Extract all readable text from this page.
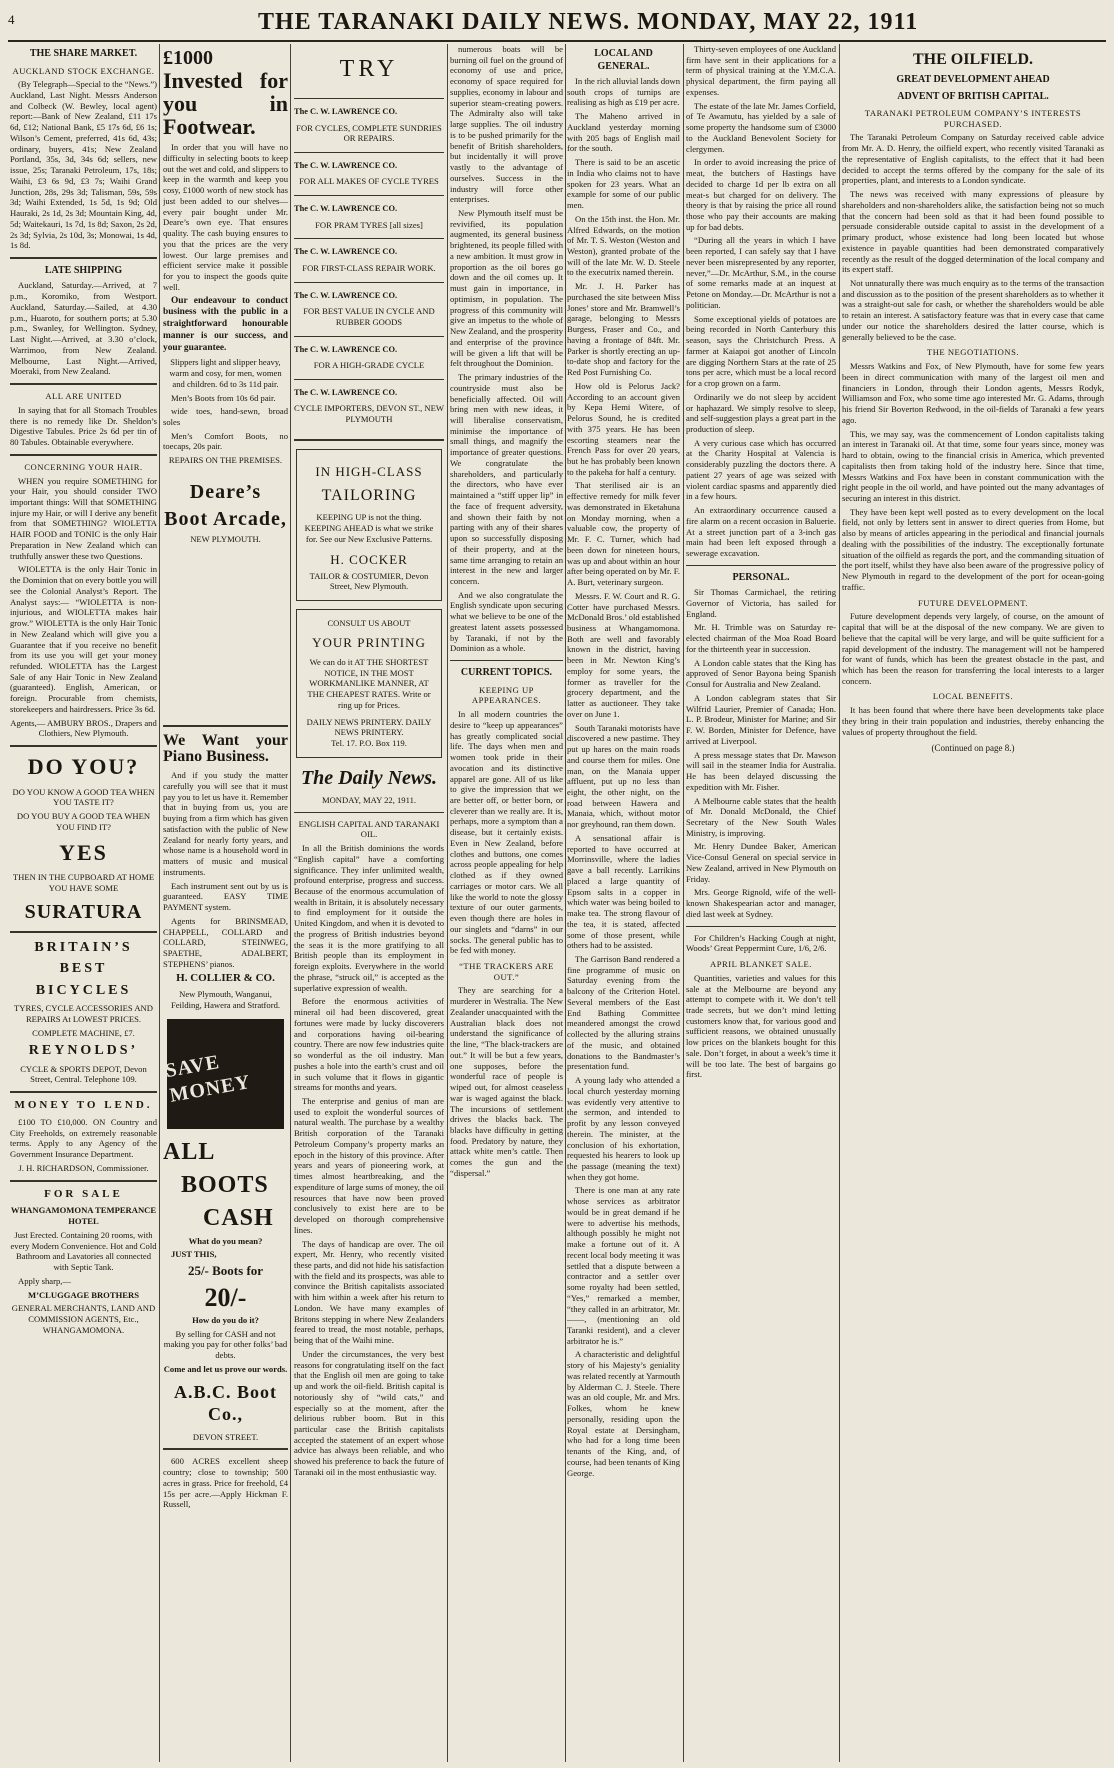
4	THE TARANAKI DAILY NEWS. MONDAY, MAY 22, 1911
THE SHARE MARKET.
AUCKLAND STOCK EXCHANGE.

(By Telegraph—Special to the “News.”) Auckland, Last Night. Messrs Anderson and Colbeck (W. Bewley, local agent) report:—Bank of New Zealand, £11 17s 6d, £12; National Bank, £5 17s 6d, £6 1s; Wilson’s Cement, preferred, 41s 6d, 43s; ordinary, buyers, 41s; New Zealand Portland, 35s, 3d, 34s 6d; sellers, new issue, 25s; Taranaki Petroleum, 17s, 18s; Waihi, £3 6s 9d, £3 7s; Waihi Grand Junction, 28s, 29s 3d; Talisman, 59s, 59s 3d; Waihi Extended, 1s 5d, 1s 9d; Old Hauraki, 2s 1d, 2s 3d; Mountain King, 4d, 5d; Waitekauri, 1s 7d, 1s 8d; Saxon, 2s 2d, 2s 3d; Sylvia, 2s 10d, 3s; Monowai, 1s 4d, 1s 8d.

LATE SHIPPING

Auckland, Saturday.—Arrived, at 7 p.m., Koromiko, from Westport. Auckland, Saturday.—Sailed, at 4.30 p.m., Huaroto, for southern ports; at 5.30 p.m., Swanley, for Wellington. Sydney, Last Night.—Arrived, at 3.30 o’clock, Warrimoo, from New Zealand. Melbourne, Last Night.—Arrived, Moeraki, from New Zealand.

ALL ARE UNITED

In saying that for all Stomach Troubles there is no remedy like Dr. Sheldon’s Digestive Tabules. Price 2s 6d per tin of 80 Tabules. Obtainable everywhere.

CONCERNING YOUR HAIR.

WHEN you require SOMETHING for your Hair, you should consider TWO important things: Will that SOMETHING injure my Hair, or will I derive any benefit from that SOMETHING? WIOLETTA HAIR FOOD and TONIC is the only Hair Preparation in New Zealand which can truthfully answer these two Questions.

WIOLETTA is the only Hair Tonic in the Dominion that on every bottle you will see the Colonial Analyst’s Report. The Analyst says:— “WIOLETTA is non-injurious, and WIOLETTA makes hair grow.” WIOLETTA is the only Hair Tonic in New Zealand which will give you a Guarantee that if you receive no benefit from its use you will get your money refunded. WIOLETTA has the Largest Sale of any Hair Tonic in New Zealand (guaranteed). English, American, or foreign. Procurable from chemists, storekeepers and hairdressers. Price 3s 6d.

Agents,— AMBURY BROS., Drapers and Clothiers, New Plymouth.

DO YOU?

DO YOU KNOW A GOOD TEA WHEN YOU TASTE IT?

DO YOU BUY A GOOD TEA WHEN YOU FIND IT?

YES

THEN IN THE CUPBOARD AT HOME YOU HAVE SOME

SURATURA
BRITAIN’S
BEST
BICYCLES

TYRES, CYCLE ACCESSORIES AND REPAIRS At LOWEST PRICES.

COMPLETE MACHINE, £7.

REYNOLDS’

CYCLE & SPORTS DEPOT, Devon Street, Central. Telephone 109.

MONEY TO LEND.

£100 TO £10,000. ON Country and City Freeholds, on extremely reasonable terms. Apply to any Agency of the Government Insurance Department.

J. H. RICHARDSON, Commissioner.

FOR SALE

WHANGAMOMONA TEMPERANCE HOTEL

Just Erected. Containing 20 rooms, with every Modern Convenience. Hot and Cold Bathroom and Lavatories all connected with Septic Tank.

Apply sharp,—

M’CLUGGAGE BROTHERS

GENERAL MERCHANTS, LAND AND COMMISSION AGENTS, Etc., WHANGAMOMONA.

£1000
Invested for you in Footwear.

In order that you will have no difficulty in selecting boots to keep out the wet and cold, and slippers to keep in the warmth and keep you cosy, £1000 worth of new stock has just been added to our shelves—every pair bought under Mr. Deare’s own eye. That ensures quality. The cash buying ensures to you that the prices are the very lowest. Our large premises and efficient service make it possible for you to inspect the goods quite well.

Our endeavour to conduct business with the public in a straightforward honourable manner is our success, and your guarantee.

Slippers light and slipper heavy, warm and cosy, for men, women and children. 6d to 3s 11d pair.

Men’s Boots from 10s 6d pair.

wide toes, hand-sewn, broad soles

Men’s Comfort Boots, no toecaps, 20s pair.

REPAIRS ON THE PREMISES.

Deare’s
Boot Arcade,

NEW PLYMOUTH.

We Want your Piano Business.

And if you study the matter carefully you will see that it must pay you to let us have it. Remember that in buying from us, you are buying from a firm which has given satisfaction with the public of New Zealand for nearly forty years, and whose name is a household word in matters of music and musical instruments.

Each instrument sent out by us is guaranteed. EASY TIME PAYMENT system.

Agents for BRINSMEAD, CHAPPELL, COLLARD and COLLARD, STEINWEG, SPAETHE, ADALBERT, STEPHENS’ pianos.

H. COLLIER & CO.

New Plymouth, Wanganui, Feilding, Hawera and Stratford.

SAVE MONEY
ALL
BOOTS
CASH

What do you mean?

JUST THIS,

25/- Boots for

20/-

How do you do it?

By selling for CASH and not making you pay for other folks’ bad debts.

Come and let us prove our words.

A.B.C. Boot Co.,

DEVON STREET.

600 ACRES excellent sheep country; close to township; 500 acres in grass. Price for freehold, £4 15s per acre.—Apply Hickman F. Russell,

TRY
The C. W. LAWRENCE CO.
FOR CYCLES, COMPLETE SUNDRIES OR REPAIRS.
The C. W. LAWRENCE CO.
FOR ALL MAKES OF CYCLE TYRES
The C. W. LAWRENCE CO.
FOR PRAM TYRES [all sizes]
The C. W. LAWRENCE CO.
FOR FIRST-CLASS REPAIR WORK.
The C. W. LAWRENCE CO.
FOR BEST VALUE IN CYCLE AND RUBBER GOODS
The C. W. LAWRENCE CO.
FOR A HIGH-GRADE CYCLE
The C. W. LAWRENCE CO.
CYCLE IMPORTERS, DEVON ST., NEW PLYMOUTH
IN HIGH-CLASS
TAILORING
KEEPING UP is not the thing. KEEPING AHEAD is what we strike for. See our New Exclusive Patterns.
H. COCKER
TAILOR & COSTUMIER, Devon Street, New Plymouth.
CONSULT US ABOUT
YOUR PRINTING
We can do it AT THE SHORTEST NOTICE, IN THE MOST WORKMANLIKE MANNER, AT THE CHEAPEST RATES. Write or ring up for Prices.
DAILY NEWS PRINTERY. DAILY NEWS PRINTERY.
Tel. 17. P.O. Box 119.
The Daily News.

MONDAY, MAY 22, 1911.

ENGLISH CAPITAL AND TARANAKI OIL.

In all the British dominions the words “English capital” have a comforting significance. They infer unlimited wealth, profound enterprise, progress and success. Because of the enormous accumulation of wealth in Britain, it is absolutely necessary to find employment for it outside the United Kingdom, and when it is devoted to the progress of British industries beyond the seas it is the more gratifying to all British people than its employment in foreign exploits. Everywhere in the world the phrase, “struck oil,” is accepted as the superlative expression of wealth.

Before the enormous activities of mineral oil had been discovered, great fortunes were made by lucky discoverers and corporations having oil-bearing country. There are now few industries quite so wonderful as the oil industry. Man pushes a hole into the earth’s crust and oil in such volume that it flows in gigantic streams for months and years.

The enterprise and genius of man are used to exploit the wonderful sources of natural wealth. The purchase by a wealthy British corporation of the Taranaki Petroleum Company’s property marks an epoch in the history of this province. After years and years of pioneering work, at times almost heartbreaking, and the expenditure of large sums of money, the oil resources that have now been proved conclusively to exist here are to be developed on thorough comprehensive lines.

The days of handicap are over. The oil expert, Mr. Henry, who recently visited these parts, and did not hide his satisfaction with the field and its prospects, was able to convince the British capitalists associated with him within a week after his return to London. We have many examples of Britons stepping in where New Zealanders feared to tread, the most notable, perhaps, being that of the Waihi mine.

Under the circumstances, the very best reasons for congratulating itself on the fact that the English oil men are going to take up and work the oil-field. British capital is notoriously shy of “wild cats,” and especially so at the moment, after the delirious rubber boom. But in this particular case the British capitalists accepted the statement of an expert whose advice has always been reliable, and who showed his preference to back the future of Taranaki oil in the most enthusiastic way.

numerous boats will be burning oil fuel on the ground of economy of use and price, economy of space required for supplies, economy in labour and superior steam-creating powers. The Admiralty also will take large supplies. The oil industry is to be pushed primarily for the benefit of British shareholders, but incidentally it will prove vastly to the advantage of ourselves. Success in the industry will force other enterprises.

New Plymouth itself must be revivified, its population augmented, its general business brightened, its people filled with a new ambition. It must grow in proportion as the oil bores go down and the oil comes up. It must gain in importance, in optimism, in population. The progress of this community will give an impetus to the whole of New Zealand, and the prosperity and enterprise of the province will be given a lift that will be felt throughout the Dominion.

The primary industries of the countryside must also be beneficially affected. Oil will bring men with new ideas, it will liberalise conservatism, minimise the importance of small things, and magnify the importance of greater questions. We congratulate the shareholders, and particularly the directors, who have ever maintained a “stiff upper lip” in the face of frequent adversity, and shown their faith by not parting with any of their shares upon so successfully disposing of their property, and at the same time arranging to retain an interest in the new and larger concern.

And we also congratulate the English syndicate upon securing what we believe to be one of the greatest latent assets possessed by Taranaki, if not by the Dominion as a whole.

CURRENT TOPICS.
KEEPING UP APPEARANCES.

In all modern countries the desire to “keep up appearances” has greatly complicated social life. The days when men and women took pride in their avocation and its distinctive apparel are gone. All of us like to give the impression that we are better off, or better born, or cleverer than we really are. It is, perhaps, more a symptom than a disease, but it certainly exists. Even in New Zealand, before clothes and buttons, one comes across people appealing for help clothed as if they owned carriages or motor cars. We all like the world to note the glossy texture of our outer garments, even though there are holes in our singlets and “darns” in our socks. The general public has to be fed with money.

“THE TRACKERS ARE OUT.”

They are searching for a murderer in Westralia. The New Zealander unacquainted with the Australian black does not understand the significance of the line, “The black-trackers are out.” It will be but a few years, one supposes, before the wonderful race of people is wiped out, for almost ceaseless war is waged against the black. The incursions of settlement drives the blacks back. The blacks have difficulty in getting food. Predatory by nature, they attack white men’s cattle. Then comes the gun and the “dispersal.”

LOCAL AND GENERAL.

In the rich alluvial lands down south crops of turnips are realising as high as £19 per acre.

The Maheno arrived in Auckland yesterday morning with 205 bags of English mail for the south.

There is said to be an ascetic in India who claims not to have spoken for 23 years. What an example for some of our public men.

On the 15th inst. the Hon. Mr. Alfred Edwards, on the motion of Mr. T. S. Weston (Weston and Weston), granted probate of the will of the late Mr. W. D. Steele to the executrix named therein.

Mr. J. H. Parker has purchased the site between Miss Jones’ store and Mr. Bramwell’s garage, belonging to Messrs Burgess, Fraser and Co., and having a frontage of 84ft. Mr. Parker is shortly erecting an up-to-date shop and factory for the Red Post Furnishing Co.

How old is Pelorus Jack? According to an account given by Kepa Hemi Witere, of Pelorus Sound, he is credited with 375 years. He has been escorting steamers near the French Pass for over 20 years, but he has probably been known to the pakeha for half a century.

That sterilised air is an effective remedy for milk fever was demonstrated in Eketahuna on Monday morning, when a valuable cow, the property of Mr. F. C. Turner, which had been down for nineteen hours, was up and about within an hour after being operated on by Mr. F. A. Burt, veterinary surgeon.

Messrs. F. W. Court and R. G. Cotter have purchased Messrs. McDonald Bros.’ old established business at Whangamomona. Both are well and favorably known in the district, having been in Mr. Newton King’s employ for some years, the former as traveller for the grocery department, and the latter as auctioneer. They take over on June 1.

South Taranaki motorists have discovered a new pastime. They put up hares on the main roads and course them for miles. One man, on the Manaia upper affluent, put up no less than eight, the other night, on the road between Hawera and Manaia, which, without motor nor greyhound, ran them down.

A sensational affair is reported to have occurred at Morrinsville, where the ladies gave a ball recently. Larrikins placed a large quantity of Epsom salts in a copper in which water was being boiled to make tea. The strong flavour of the tea, it is stated, affected some of those present, while others had to be assisted.

The Garrison Band rendered a fine programme of music on Saturday evening from the balcony of the Criterion Hotel. Several members of the East End Bathing Committee meandered amongst the crowd collected by the alluring strains of the music, and obtained donations to the Bandmaster’s presentation fund.

A young lady who attended a local church yesterday morning was evidently very attentive to the sermon, and intended to profit by any lesson conveyed therein. The minister, at the conclusion of his exhortation, requested his hearers to look up the passage (meaning the text) when they got home.

There is one man at any rate whose services as arbitrator would be in great demand if he were to advertise his methods, although possibly he might not make a fortune out of it. A recent local body meeting it was settled that a dispute between a contractor and a settler over some royalty had been settled, “Yes,” remarked a member, “they called in an arbitrator, Mr. ——, (mentioning an old Taranki resident), and a clever arbitrator he is.”

A characteristic and delightful story of his Majesty’s geniality was related recently at Yarmouth by Alderman C. J. Steele. There was an old couple, Mr. and Mrs. Folkes, whom he knew personally, residing upon the Royal estate at Dersingham, who had for a long time been tenants of the King, and, of course, had been tenants of King George.

Thirty-seven employees of one Auckland firm have sent in their applications for a term of physical training at the Y.M.C.A. physical department, the firm paying all expenses.

The estate of the late Mr. James Corfield, of Te Awamutu, has yielded by a sale of some property the handsome sum of £3000 to the Auckland Benevolent Society for clergymen.

In order to avoid increasing the price of meat, the butchers of Hastings have decided to charge 1d per lb extra on all meat-s but charged for on delivery. The theory is that by raising the price all round those who pay their accounts are making up for bad debts.

“During all the years in which I have been reported, I can safely say that I have never been misrepresented by any reporter, never,”—Dr. McArthur, S.M., in the course of some remarks made at an inquest at Petone on Monday.—Dr. McArthur is not a politician.

Some exceptional yields of potatoes are being recorded in North Canterbury this season, says the Christchurch Press. A farmer at Kaiapoi got another of Lincoln are digging Northern Stars at the rate of 25 tons per acre, which must be a local record for a crop grown on a farm.

Ordinarily we do not sleep by accident or haphazard. We simply resolve to sleep, and self-suggestion plays a great part in the production of sleep.

A very curious case which has occurred at the Charity Hospital at Valencia is considerably puzzling the doctors there. A patient 27 years of age was seized with violent cardiac spasms and apparently died in a few hours.

An extraordinary occurrence caused a fire alarm on a recent occasion in Baluerie. At a street junction part of a 3-inch gas main had been left exposed through a sewerage excavation.

PERSONAL.

Sir Thomas Carmichael, the retiring Governor of Victoria, has sailed for England.

Mr. H. Trimble was on Saturday re-elected chairman of the Moa Road Board for the thirteenth year in succession.

A London cable states that the King has approved of Senor Bayona being Spanish Consul for Australia and New Zealand.

A London cablegram states that Sir Wilfrid Laurier, Premier of Canada; Hon. L. P. Brodeur, Minister for Marine; and Sir F. W. Borden, Minister for Defence, have arrived at Liverpool.

A press message states that Dr. Mawson will sail in the steamer India for Australia. He has been delayed discussing the expedition with Mr. Fisher.

A Melbourne cable states that the health of Mr. Donald McDonald, the Chief Secretary of the New South Wales Ministry, is improving.

Mr. Henry Dundee Baker, American Vice-Consul General on special service in New Zealand, arrived in New Plymouth on Friday.

Mrs. George Rignold, wife of the well-known Shakespearian actor and manager, died last week at Sydney.

For Children’s Hacking Cough at night, Woods’ Great Peppermint Cure, 1/6, 2/6.

APRIL BLANKET SALE.

Quantities, varieties and values for this sale at the Melbourne are beyond any attempt to compete with it. We don’t tell trade secrets, but we don’t mind letting customers know that, for various good and sufficient reasons, we obtained unusually low prices on the blankets bought for this sale. Don’t forget, in about a week’s time it will be too late. The best of bargains go first.

THE OILFIELD.
GREAT DEVELOPMENT AHEAD
ADVENT OF BRITISH CAPITAL.
TARANAKI PETROLEUM COMPANY’S INTERESTS PURCHASED.

The Taranaki Petroleum Company on Saturday received cable advice from Mr. A. D. Henry, the oilfield expert, who recently visited Taranaki as the representative of English capitalists, to the effect that it had been decided to accept the terms offered by the company for the sale of its properties, plant, and interests to a London syndicate.

The news was received with many expressions of pleasure by shareholders and non-shareholders alike, the satisfaction being not so much that the concern had been sold as that it had been found possible to persuade considerable outside capital to assist in the development of a primary product, whose existence had long been located but whose existence in payable quantities had been demonstrated comparatively recently as the result of the dogged determination of the local company and its expert staff.

Not unnaturally there was much enquiry as to the terms of the transaction and discussion as to the position of the present shareholders as to whether it was a straight-out sale for cash, or whether the shareholders would be able to retain an interest. A satisfactory feature was that in every case that came under our notice the shareholders desired the latter course, which is generally believed to be the case.

THE NEGOTIATIONS.

Messrs Watkins and Fox, of New Plymouth, have for some few years been in direct communication with many of the largest oil men and financiers in London, through their London agents, Messrs Rodyk, Williamson and Fox, who some time ago interested Mr. G. Adams, through his friend Sir Boverton Redwood, in the oil-fields of Taranaki a few years ago.

This, we may say, was the commencement of London capitalists taking an interest in Taranaki oil. At that time, some four years since, money was hard to obtain, owing to the financial crisis in America, which prevented capitalists then from taking hold of the industry here. Since that time, Messrs Watkins and Fox have been in constant communication with the right people in the oil world, and have pointed out the many advantages of securing an interest in this district.

They have been kept well posted as to every development on the local field, not only by letters sent in answer to direct queries from Home, but also by means of articles appearing in the periodical and financial journals dealing with the possibilities of the industry. The exceptionally fortunate situation of the oilfield as regards the port, and the commanding situation of the port itself, whilst they have also been aware of the progressive policy of New Plymouth in regard to the development of the port for ocean-going traffic.

FUTURE DEVELOPMENT.

Future development depends very largely, of course, on the amount of capital that will be at the disposal of the new company. We are given to believe that the capital will be very large, and will be quite sufficient for a rapid development of the industry. The management will not be hampered for want of funds, which has been the greatest obstacle in the past, and which has been the reason for transferring the local interests to a larger concern.

LOCAL BENEFITS.

It has been found that where there have been developments take place they bring in their train population and industries, thereby enhancing the values of property throughout the field.

(Continued on page 8.)
